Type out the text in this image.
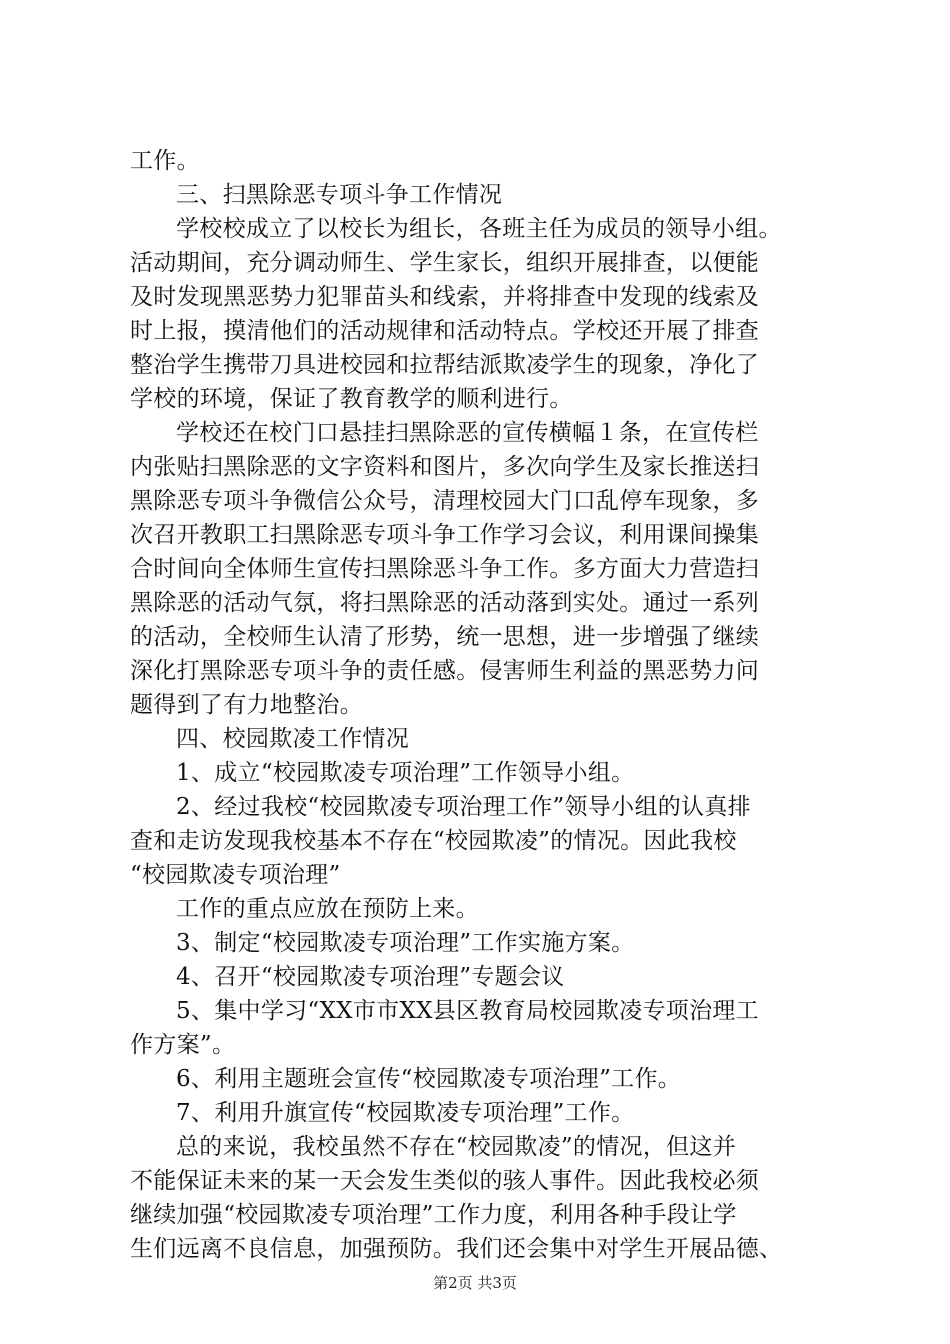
工作。
三、扫黑除恶专项斗争工作情况
学校校成立了以校长为组长，各班主任为成员的领导小组。
活动期间，充分调动师生、学生家长，组织开展排查，以便能
及时发现黑恶势力犯罪苗头和线索，并将排查中发现的线索及
时上报，摸清他们的活动规律和活动特点。学校还开展了排查
整治学生携带刀具进校园和拉帮结派欺凌学生的现象，净化了
学校的环境，保证了教育教学的顺利进行。
学校还在校门口悬挂扫黑除恶的宣传横幅１条，在宣传栏
内张贴扫黑除恶的文字资料和图片，多次向学生及家长推送扫
黑除恶专项斗争微信公众号，清理校园大门口乱停车现象，多
次召开教职工扫黑除恶专项斗争工作学习会议，利用课间操集
合时间向全体师生宣传扫黑除恶斗争工作。多方面大力营造扫
黑除恶的活动气氛，将扫黑除恶的活动落到实处。通过一系列
的活动，全校师生认清了形势，统一思想，进一步增强了继续
深化打黑除恶专项斗争的责任感。侵害师生利益的黑恶势力问
题得到了有力地整治。
四、校园欺凌工作情况
1、成立“校园欺凌专项治理”工作领导小组。
2、经过我校“校园欺凌专项治理工作”领导小组的认真排
查和走访发现我校基本不存在“校园欺凌”的情况。因此我校
“校园欺凌专项治理”
工作的重点应放在预防上来。
3、制定“校园欺凌专项治理”工作实施方案。
4、召开“校园欺凌专项治理”专题会议
5、集中学习“XX市市XX县区教育局校园欺凌专项治理工
作方案”。
6、利用主题班会宣传“校园欺凌专项治理”工作。
7、利用升旗宣传“校园欺凌专项治理”工作。
总的来说，我校虽然不存在“校园欺凌”的情况，但这并
不能保证未来的某一天会发生类似的骇人事件。因此我校必须
继续加强“校园欺凌专项治理”工作力度，利用各种手段让学
生们远离不良信息，加强预防。我们还会集中对学生开展品德、
第2页 共3页
